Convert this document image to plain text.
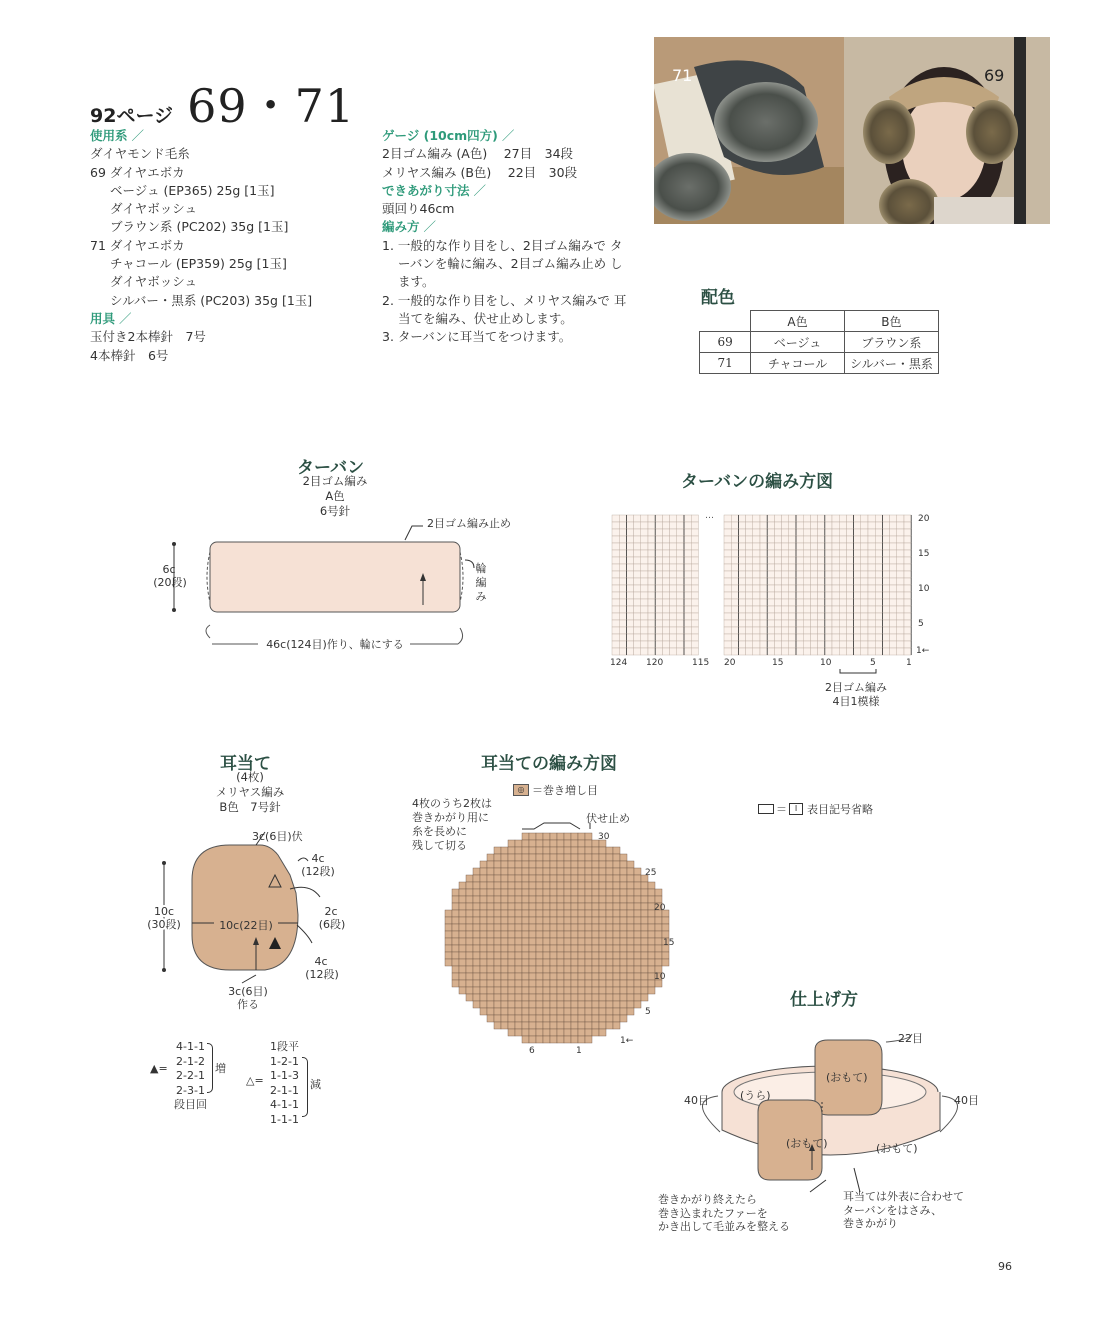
92ページ 69・71
使用系 ／
ダイヤモンド毛糸
69 ダイヤエボカ
ベージュ (EP365) 25g [1玉]
ダイヤボッシュ
ブラウン系 (PC202) 35g [1玉]
71 ダイヤエボカ
チャコール (EP359) 25g [1玉]
ダイヤボッシュ
シルバー・黒系 (PC203) 35g [1玉]
用具 ／
玉付き2本棒針　7号
4本棒針　6号
ゲージ (10cm四方) ／
2目ゴム編み (A色)　 27目　34段
メリヤス編み (B色)　 22目　30段
できあがり寸法 ／
頭回り46cm
編み方 ／
1. 一般的な作り目をし、2目ゴム編みで ターバンを輪に編み、2目ゴム編み止め します。
2. 一般的な作り目をし、メリヤス編みで 耳当てを編み、伏せ止めします。
3. ターバンに耳当てをつけます。
71	69
配色
	A色	B色
69	ベージュ	ブラウン系
71	チャコール	シルバー・黒系
ターバン
2目ゴム編み
A色
6号針
2目ゴム編み止め
6c
(20段)
46c(124目)作り、輪にする
輪編み
ターバンの編み方図
…	20
15
10
5
1←
124 120	115 20	15	10	5	1
2目ゴム編み
4目1模様
耳当て
(4枚)
メリヤス編み
B色　7号針
3c(6目)伏
4c
(12段)
2c
(6段)
4c
(12段)
10c(22目)
10c
(30段)
3c(6目)
作る
▲=
4-1-1
2-1-2
2-2-1
2-3-1
段目回
増
△=
1段平
1-2-1
1-1-3
2-1-1
4-1-1
1-1-1
減
耳当ての編み方図
◎ ＝巻き増し目
4枚のうち2枚は
巻きかがり用に
糸を長めに
残して切る
伏せ止め
30
25
20
15
10
5
1←
6	1
＝ I 表目記号省略
仕上げ方
22目
40目	40目
(うら)
(おもて)
(おもて)	(おもて)
巻きかがり終えたら
巻き込まれたファーを
かき出して毛並みを整える
耳当ては外表に合わせて
ターバンをはさみ、
巻きかがり
96
